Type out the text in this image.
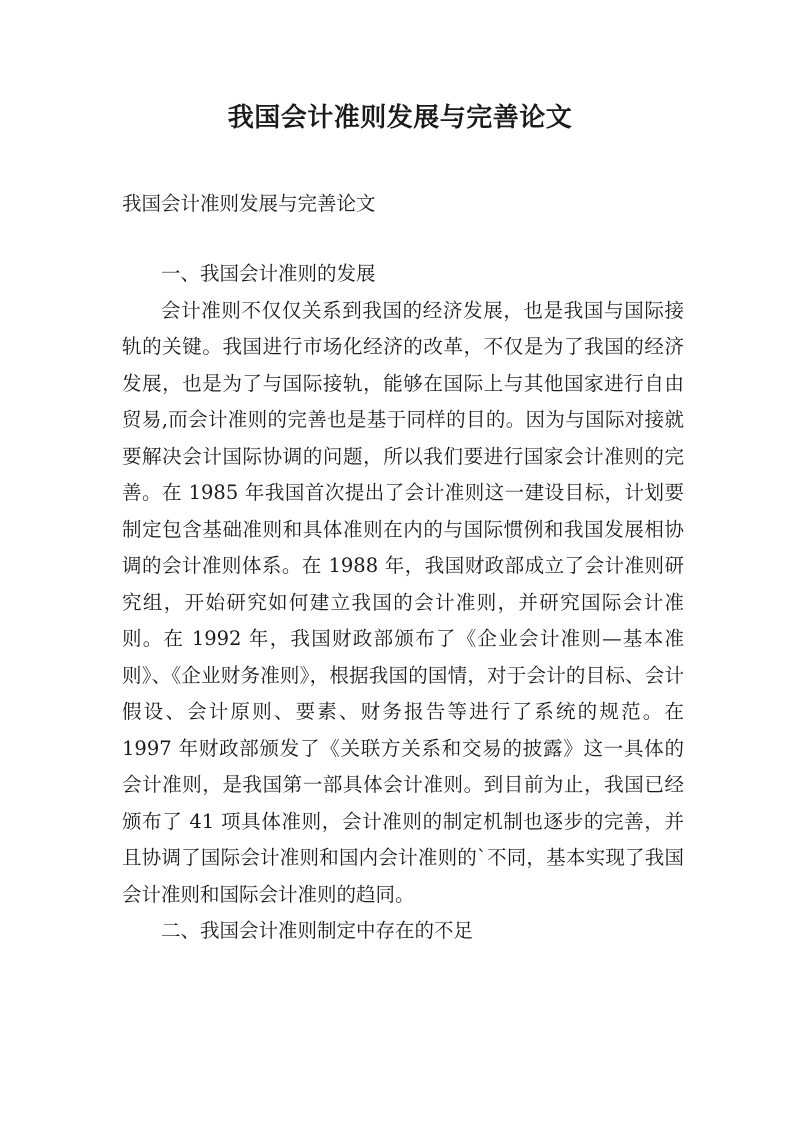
我国会计准则发展与完善论文

我国会计准则发展与完善论文

一、我国会计准则的发展

会计准则不仅仅关系到我国的经济发展，也是我国与国际接轨的关键。我国进行市场化经济的改革，不仅是为了我国的经济发展，也是为了与国际接轨，能够在国际上与其他国家进行自由贸易,而会计准则的完善也是基于同样的目的。因为与国际对接就要解决会计国际协调的问题，所以我们要进行国家会计准则的完善。在 1985 年我国首次提出了会计准则这一建设目标，计划要制定包含基础准则和具体准则在内的与国际惯例和我国发展相协调的会计准则体系。在 1988 年，我国财政部成立了会计准则研究组，开始研究如何建立我国的会计准则，并研究国际会计准则。在 1992 年，我国财政部颁布了《企业会计准则—基本准则》、《企业财务准则》，根据我国的国情，对于会计的目标、会计假设、会计原则、要素、财务报告等进行了系统的规范。在 1997 年财政部颁发了《关联方关系和交易的披露》这一具体的会计准则，是我国第一部具体会计准则。到目前为止，我国已经颁布了 41 项具体准则，会计准则的制定机制也逐步的完善，并且协调了国际会计准则和国内会计准则的`不同，基本实现了我国会计准则和国际会计准则的趋同。

二、我国会计准则制定中存在的不足
